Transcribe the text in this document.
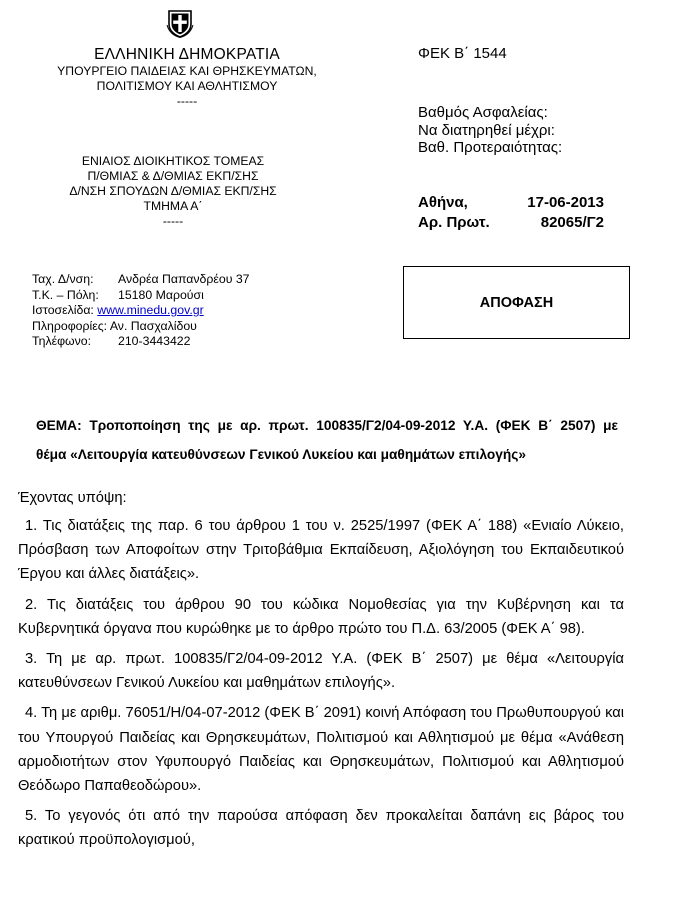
ΕΛΛΗΝΙΚΗ ΔΗΜΟΚΡΑΤΙΑ
ΥΠΟΥΡΓΕΙΟ ΠΑΙΔΕΙΑΣ ΚΑΙ ΘΡΗΣΚΕΥΜΑΤΩΝ,
ΠΟΛΙΤΙΣΜΟΥ ΚΑΙ ΑΘΛΗΤΙΣΜΟΥ
-----
ΕΝΙΑΙΟΣ ΔΙΟΙΚΗΤΙΚΟΣ ΤΟΜΕΑΣ
Π/ΘΜΙΑΣ & Δ/ΘΜΙΑΣ ΕΚΠ/ΣΗΣ
Δ/ΝΣΗ ΣΠΟΥΔΩΝ Δ/ΘΜΙΑΣ ΕΚΠ/ΣΗΣ
ΤΜΗΜΑ Α΄
-----
ΦΕΚ Β΄ 1544
Βαθμός Ασφαλείας:
Να διατηρηθεί μέχρι:
Βαθ. Προτεραιότητας:
Αθήνα,	17-06-2013
Αρ. Πρωτ.	82065/Γ2
Ταχ. Δ/νση: Ανδρέα Παπανδρέου 37
Τ.Κ. – Πόλη: 15180 Μαρούσι
Ιστοσελίδα: www.minedu.gov.gr
Πληροφορίες: Αν. Πασχαλίδου
Τηλέφωνο: 210-3443422
ΑΠΟΦΑΣΗ
ΘΕΜΑ: Τροποποίηση της με αρ. πρωτ. 100835/Γ2/04-09-2012 Υ.Α. (ΦΕΚ Β΄ 2507) με
θέμα «Λειτουργία κατευθύνσεων Γενικού Λυκείου και μαθημάτων επιλογής»
Έχοντας υπόψη:
1. Τις διατάξεις της παρ. 6 του άρθρου 1 του ν. 2525/1997 (ΦΕΚ Α΄ 188) «Ενιαίο Λύκειο, Πρόσβαση των Αποφοίτων στην Τριτοβάθμια Εκπαίδευση, Αξιολόγηση του Εκπαιδευτικού Έργου και άλλες διατάξεις».
2. Τις διατάξεις του άρθρου 90 του κώδικα Νομοθεσίας για την Κυβέρνηση και τα Κυβερνητικά όργανα που κυρώθηκε με το άρθρο πρώτο του Π.Δ. 63/2005 (ΦΕΚ Α΄ 98).
3. Τη με αρ. πρωτ. 100835/Γ2/04-09-2012 Υ.Α. (ΦΕΚ Β΄ 2507) με θέμα «Λειτουργία κατευθύνσεων Γενικού Λυκείου και μαθημάτων επιλογής».
4. Τη με αριθμ. 76051/Η/04-07-2012 (ΦΕΚ Β΄ 2091) κοινή Απόφαση του Πρωθυπουργού και του Υπουργού Παιδείας και Θρησκευμάτων, Πολιτισμού και Αθλητισμού με θέμα «Ανάθεση αρμοδιοτήτων στον Υφυπουργό Παιδείας και Θρησκευμάτων, Πολιτισμού και Αθλητισμού Θεόδωρο Παπαθεοδώρου».
5. Το γεγονός ότι από την παρούσα απόφαση δεν προκαλείται δαπάνη εις βάρος του κρατικού προϋπολογισμού,
